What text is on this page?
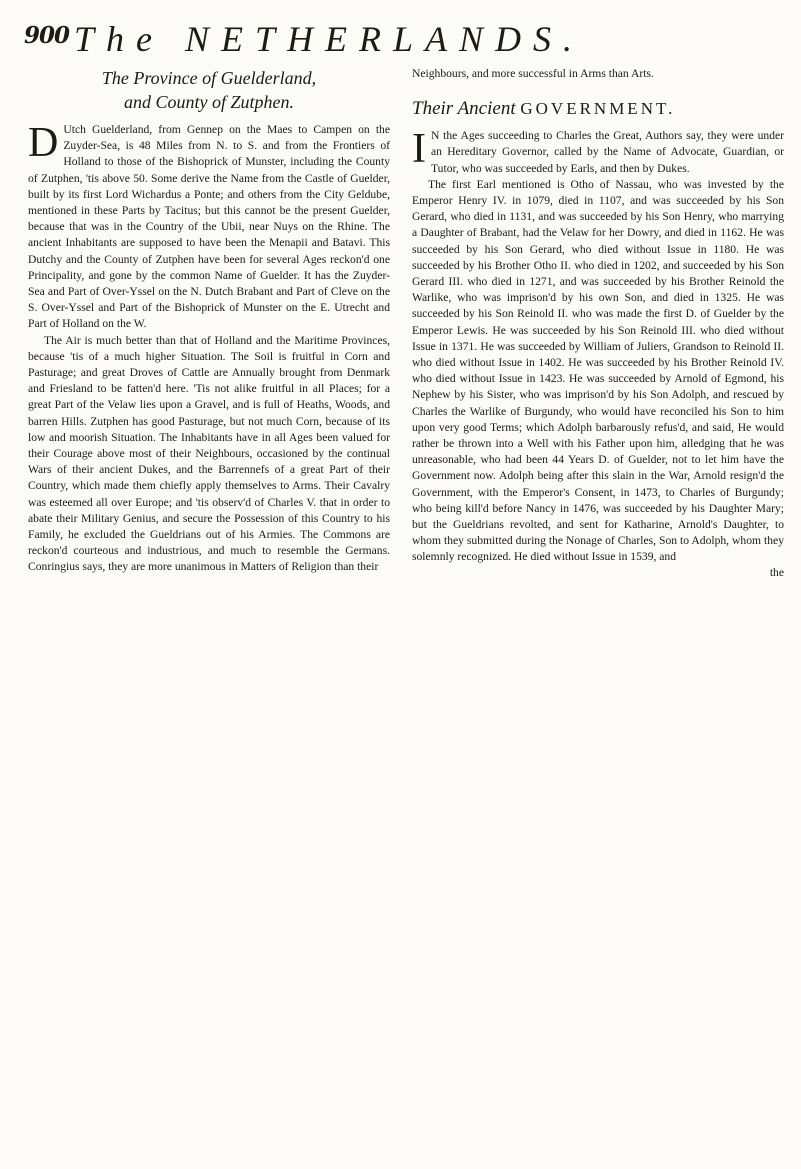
900 The NETHERLANDS.

The Province of Guelderland,

and County of Zutphen.

D Utch Guelderland, from Gennep on the Maes to Campen on the Zuyder-Sea, is 48 Miles from N. to S. and from the Frontiers of Holland to those of the Bishoprick of Munster, including the County of Zutphen, 'tis above 50. Some derive the Name from the Castle of Guelder, built by its first Lord Wichardus a Ponte; and others from the City Geldube, mentioned in these Parts by Tacitus; but this cannot be the present Guelder, because that was in the Country of the Ubii, near Nuys on the Rhine. The ancient Inhabitants are supposed to have been the Menapii and Batavi. This Dutchy and the County of Zutphen have been for several Ages reckon'd one Principality, and gone by the common Name of Guelder. It has the Zuyder-Sea and Part of Over-Yssel on the N. Dutch Brabant and Part of Cleve on the S. Over-Yssel and Part of the Bishoprick of Munster on the E. Utrecht and Part of Holland on the W.

The Air is much better than that of Holland and the Maritime Provinces, because 'tis of a much higher Situation. The Soil is fruitful in Corn and Pasturage; and great Droves of Cattle are Annually brought from Denmark and Friesland to be fatten'd here. 'Tis not alike fruitful in all Places; for a great Part of the Velaw lies upon a Gravel, and is full of Heaths, Woods, and barren Hills. Zutphen has good Pasturage, but not much Corn, because of its low and moorish Situation. The Inhabitants have in all Ages been valued for their Courage above most of their Neighbours, occasioned by the continual Wars of their ancient Dukes, and the Barrennefs of a great Part of their Country, which made them chiefly apply themselves to Arms. Their Cavalry was esteemed all over Europe; and 'tis observ'd of Charles V. that in order to abate their Military Genius, and secure the Possession of this Country to his Family, he excluded the Gueldrians out of his Armies. The Commons are reckon'd courteous and industrious, and much to resemble the Germans. Conringius says, they are more unanimous in Matters of Religion than their

Neighbours, and more successful in Arms than Arts.

Their Ancient GOVERNMENT.

I N the Ages succeeding to Charles the Great, Authors say, they were under an Hereditary Governor, called by the Name of Advocate, Guardian, or Tutor, who was succeeded by Earls, and then by Dukes.

The first Earl mentioned is Otho of Nassau, who was invested by the Emperor Henry IV. in 1079, died in 1107, and was succeeded by his Son Gerard, who died in 1131, and was succeeded by his Son Henry, who marrying a Daughter of Brabant, had the Velaw for her Dowry, and died in 1162. He was succeeded by his Son Gerard, who died without Issue in 1180. He was succeeded by his Brother Otho II. who died in 1202, and succeeded by his Son Gerard III. who died in 1271, and was succeeded by his Brother Reinold the Warlike, who was imprison'd by his own Son, and died in 1325. He was succeeded by his Son Reinold II. who was made the first D. of Guelder by the Emperor Lewis. He was succeeded by his Son Reinold III. who died without Issue in 1371. He was succeeded by William of Juliers, Grandson to Reinold II. who died without Issue in 1402. He was succeeded by his Brother Reinold IV. who died without Issue in 1423. He was succeeded by Arnold of Egmond, his Nephew by his Sister, who was imprison'd by his Son Adolph, and rescued by Charles the Warlike of Burgundy, who would have reconciled his Son to him upon very good Terms; which Adolph barbarously refus'd, and said, He would rather be thrown into a Well with his Father upon him, alledging that he was unreasonable, who had been 44 Years D. of Guelder, not to let him have the Government now. Adolph being after this slain in the War, Arnold resign'd the Government, with the Emperor's Consent, in 1473, to Charles of Burgundy; who being kill'd before Nancy in 1476, was succeeded by his Daughter Mary; but the Gueldrians revolted, and sent for Katharine, Arnold's Daughter, to whom they submitted during the Nonage of Charles, Son to Adolph, whom they solemnly recognized. He died without Issue in 1539, and

the
